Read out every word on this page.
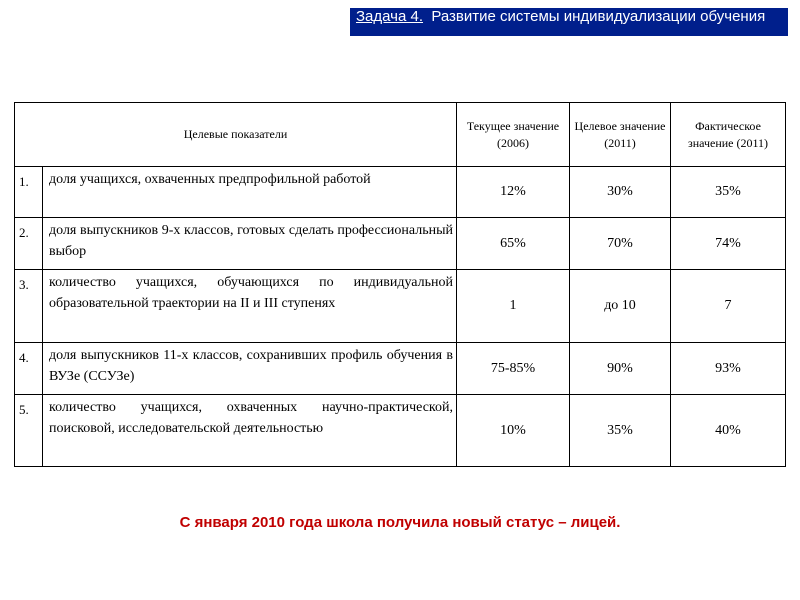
Задача 4. Развитие системы индивидуализации обучения
Целевые показатели		Текущее значение (2006)	Целевое значение (2011)	Фактическое значение (2011)
1.	доля учащихся, охваченных предпрофильной работой	12%	30%	35%
2.	доля выпускников 9-х классов, готовых сделать профессиональный выбор	65%	70%	74%
3.	количество учащихся, обучающихся по индивидуальной образовательной траектории на II и III ступенях	1	до 10	7
4.	доля выпускников 11-х классов, сохранивших профиль обучения в ВУЗе (ССУЗе)	75-85%	90%	93%
5.	количество учащихся, охваченных научно-практической, поисковой, исследовательской деятельностью	10%	35%	40%
С января 2010 года школа получила новый статус – лицей.
